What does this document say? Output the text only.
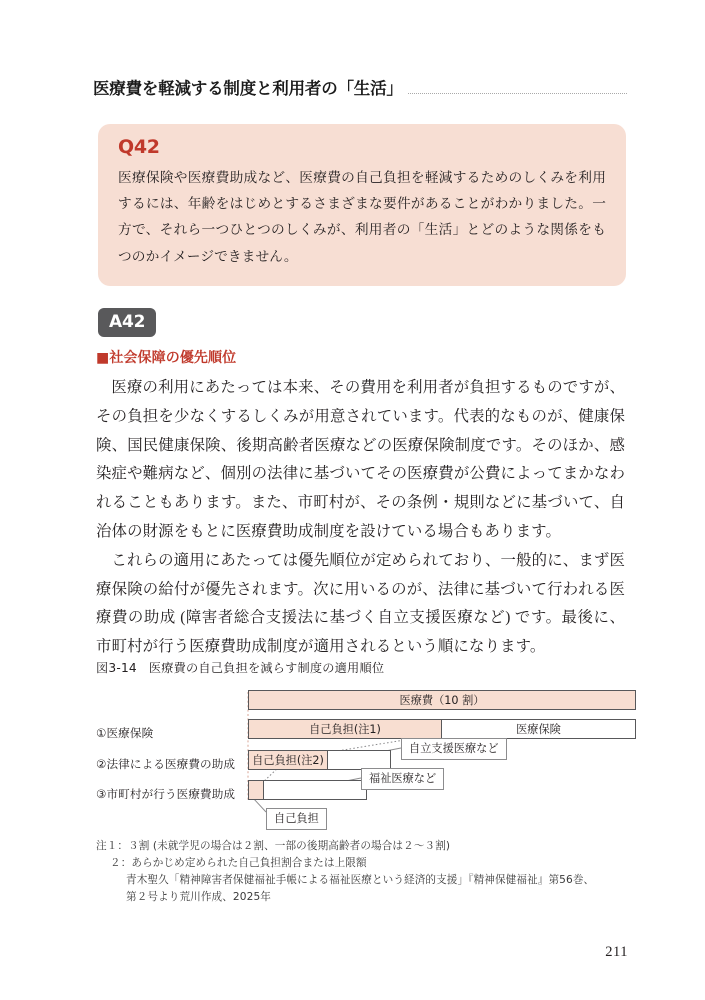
医療費を軽減する制度と利用者の「生活」
Q42
医療保険や医療費助成など、医療費の自己負担を軽減するためのしくみを利用するには、年齢をはじめとするさまざまな要件があることがわかりました。一方で、それら一つひとつのしくみが、利用者の「生活」とどのような関係をもつのかイメージできません。
A42
■社会保障の優先順位

医療の利用にあたっては本来、その費用を利用者が負担するものですが、その負担を少なくするしくみが用意されています。代表的なものが、健康保険、国民健康保険、後期高齢者医療などの医療保険制度です。そのほか、感染症や難病など、個別の法律に基づいてその医療費が公費によってまかなわれることもあります。また、市町村が、その条例・規則などに基づいて、自治体の財源をもとに医療費助成制度を設けている場合もあります。

これらの適用にあたっては優先順位が定められており、一般的に、まず医療保険の給付が優先されます。次に用いるのが、法律に基づいて行われる医療費の助成 (障害者総合支援法に基づく自立支援医療など) です。最後に、市町村が行う医療費助成制度が適用されるという順になります。

図3-14 医療費の自己負担を減らす制度の適用順位
医療費（10 割）
①医療保険	自己負担(注1)	医療保険
②法律による医療費の助成 自己負担(注2)
自立支援医療など
③市町村が行う医療費助成
福祉医療など
自己負担
注１：３割 (未就学児の場合は２割、一部の後期高齢者の場合は２～３割)
２：あらかじめ定められた自己負担割合または上限額
青木聖久「精神障害者保健福祉手帳による福祉医療という経済的支援」『精神保健福祉』第56巻、
第２号より荒川作成、2025年
211
